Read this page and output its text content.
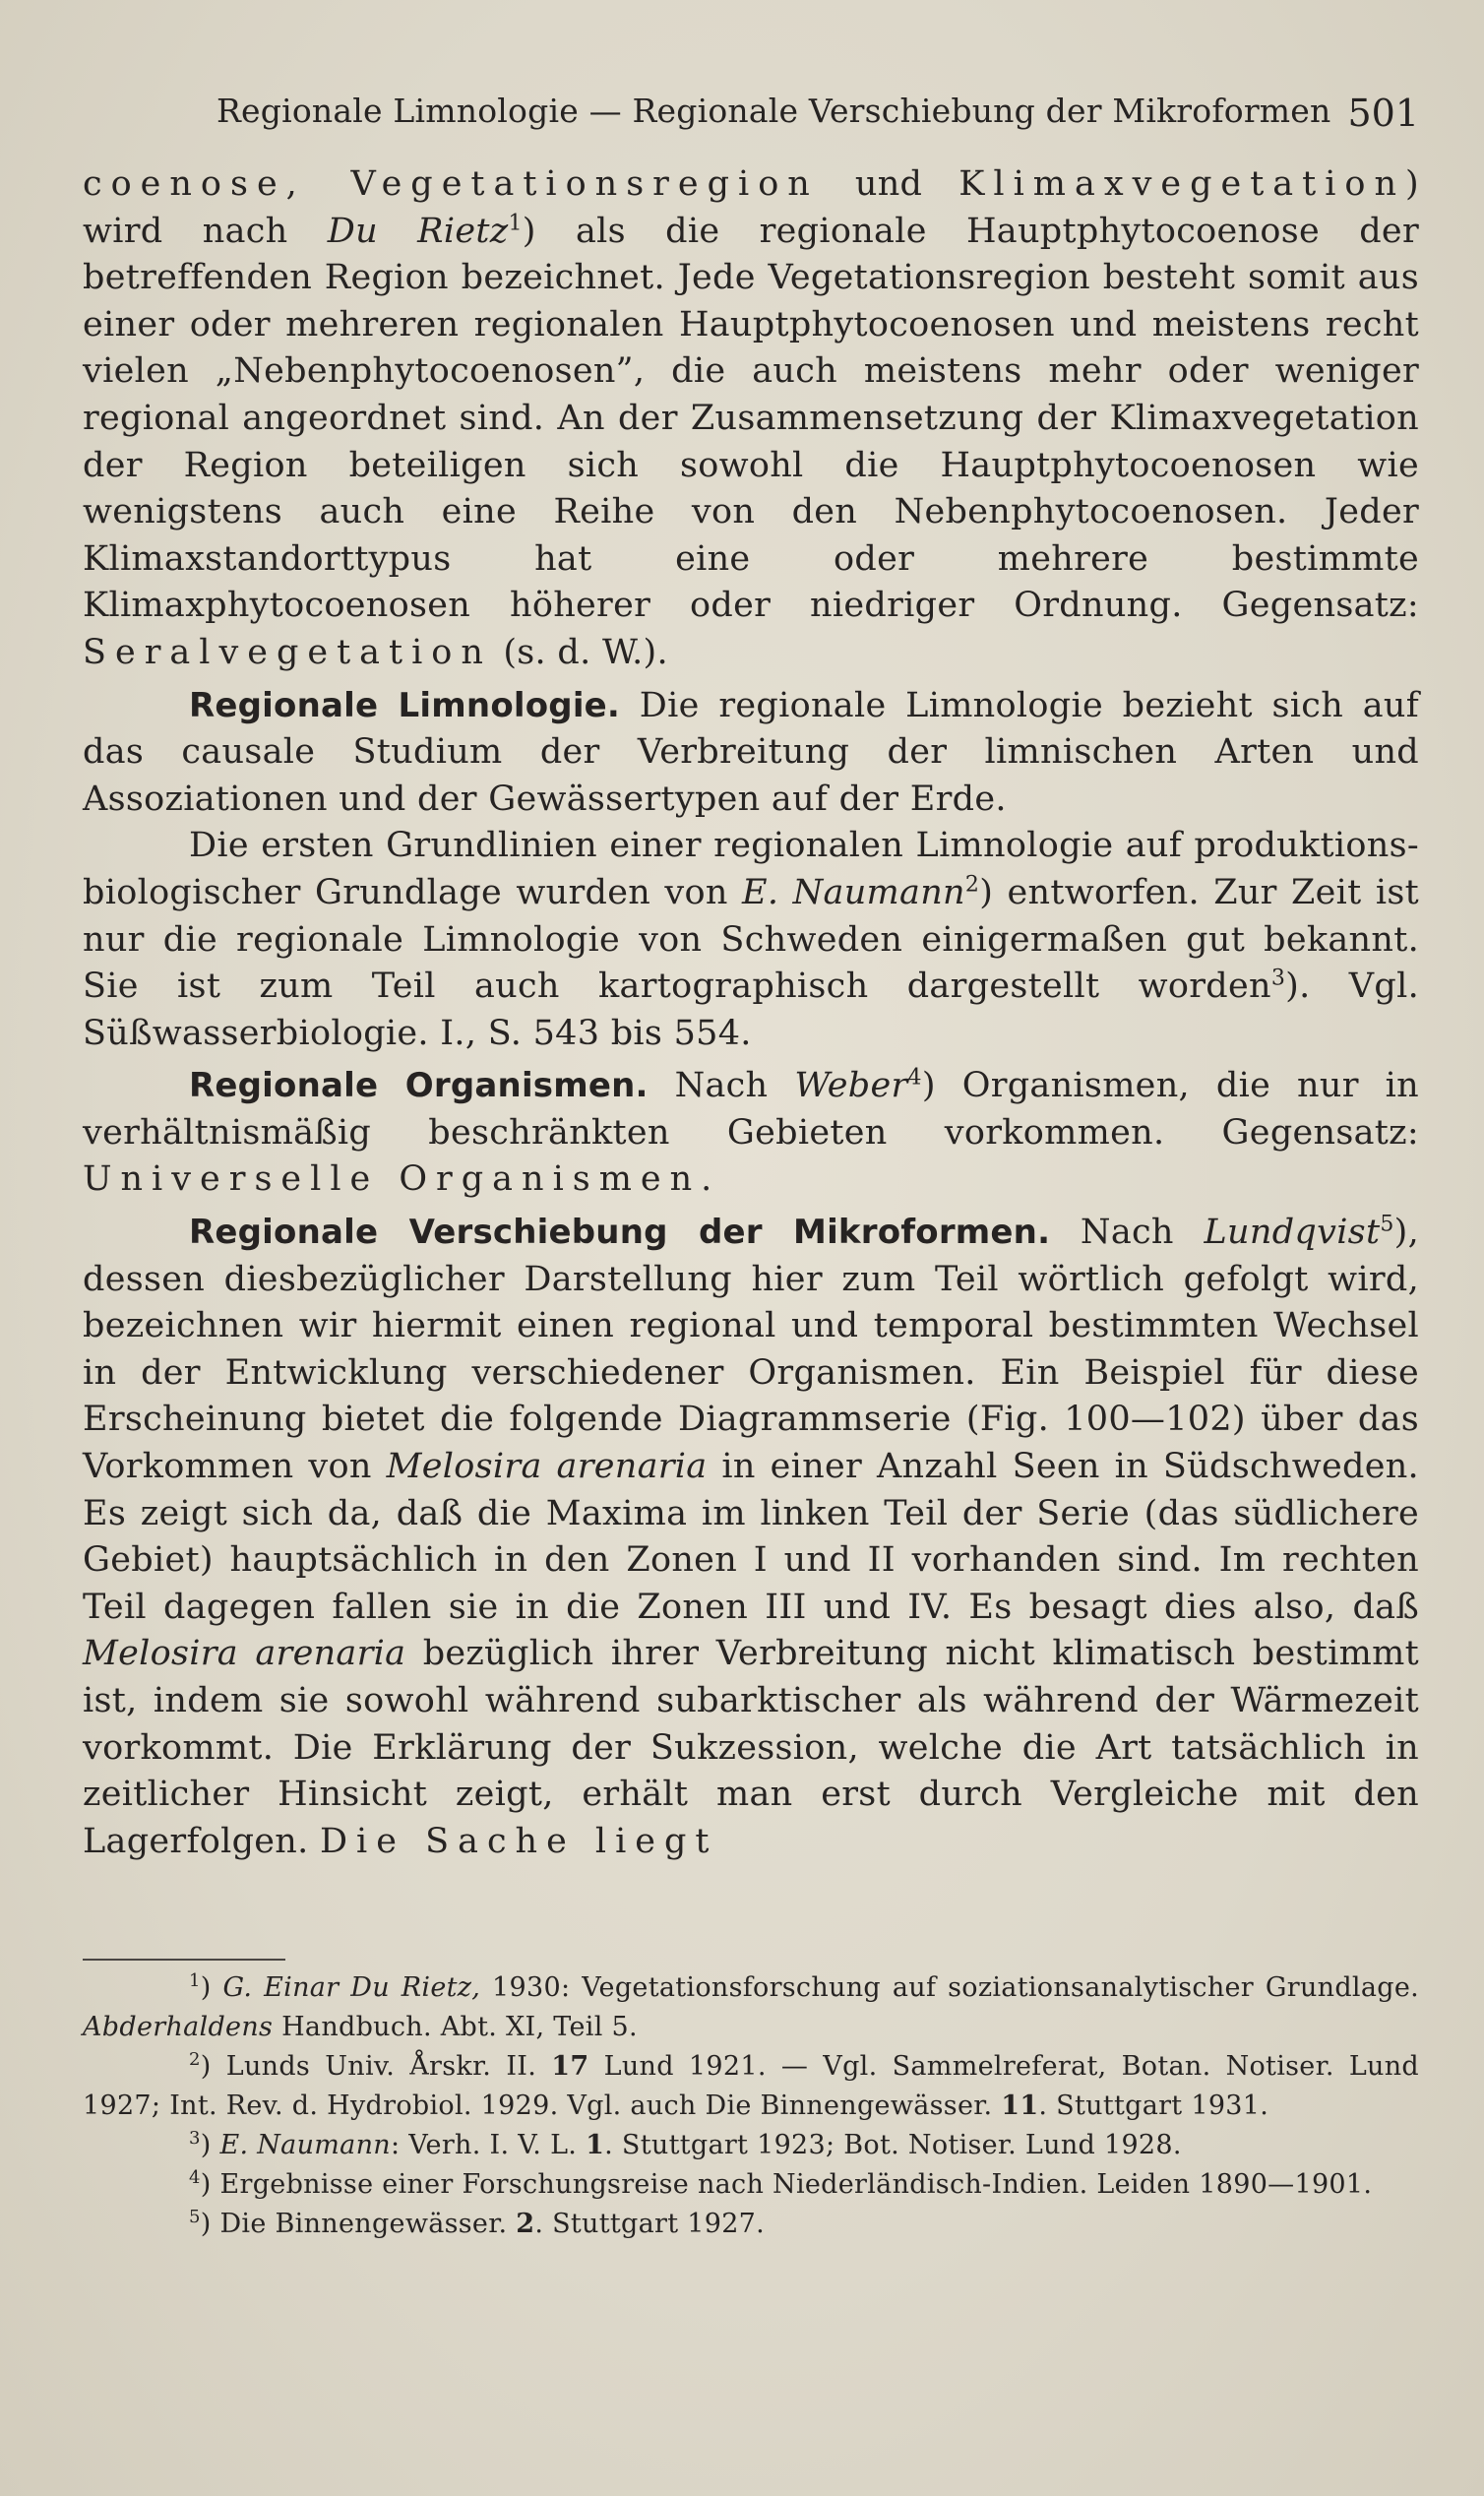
Regionale Limnologie — Regionale Verschiebung der Mikroformen 501

coenose, Vegetationsregion und Klimaxvegetation) wird nach Du Rietz$^1$) als die regionale Hauptphytocoenose der betreffenden Region bezeichnet. Jede Vegetationsregion besteht somit aus einer oder mehreren regionalen Hauptphytocoenosen und meistens recht vielen „Nebenphytocoenosen”, die auch meistens mehr oder weniger regional angeordnet sind. An der Zusammensetzung der Klimaxvegetation der Region beteiligen sich sowohl die Hauptphytocoenosen wie wenigstens auch eine Reihe von den Nebenphytocoenosen. Jeder Klimaxstandorttypus hat eine oder mehrere bestimmte Klimaxphytocoenosen höherer oder niedriger Ordnung. Gegensatz: Seralvegetation (s. d. W.).

Regionale Limnologie. Die regionale Limnologie bezieht sich auf das causale Studium der Verbreitung der limnischen Arten und Assoziationen und der Gewässertypen auf der Erde.

Die ersten Grundlinien einer regionalen Limnologie auf produktions-biologischer Grundlage wurden von E. Naumann$^2$) entworfen. Zur Zeit ist nur die regionale Limnologie von Schweden einigermaßen gut bekannt. Sie ist zum Teil auch kartographisch dargestellt worden$^3$). Vgl. Süßwasserbiologie. I., S. 543 bis 554.

Regionale Organismen. Nach Weber$^4$) Organismen, die nur in verhältnismäßig beschränkten Gebieten vorkommen. Gegensatz: Universelle Organismen.

Regionale Verschiebung der Mikroformen. Nach Lundqvist$^5$), dessen diesbezüglicher Darstellung hier zum Teil wörtlich gefolgt wird, bezeichnen wir hiermit einen regional und temporal bestimmten Wechsel in der Entwicklung verschiedener Organismen. Ein Beispiel für diese Erscheinung bietet die folgende Diagrammserie (Fig. 100—102) über das Vorkommen von Melosira arenaria in einer Anzahl Seen in Südschweden. Es zeigt sich da, daß die Maxima im linken Teil der Serie (das südlichere Gebiet) hauptsächlich in den Zonen I und II vorhanden sind. Im rechten Teil dagegen fallen sie in die Zonen III und IV. Es besagt dies also, daß Melosira arenaria bezüglich ihrer Verbreitung nicht klimatisch bestimmt ist, indem sie sowohl während subarktischer als während der Wärmezeit vorkommt. Die Erklärung der Sukzession, welche die Art tatsächlich in zeitlicher Hinsicht zeigt, erhält man erst durch Vergleiche mit den Lagerfolgen. Die Sache liegt

$^1$) G. Einar Du Rietz, 1930: Vegetationsforschung auf soziationsanalytischer Grundlage. Abderhaldens Handbuch. Abt. XI, Teil 5.

$^2$) Lunds Univ. Årskr. II. 17 Lund 1921. — Vgl. Sammelreferat, Botan. Notiser. Lund 1927; Int. Rev. d. Hydrobiol. 1929. Vgl. auch Die Binnengewässer. 11. Stuttgart 1931.

$^3$) E. Naumann: Verh. I. V. L. 1. Stuttgart 1923; Bot. Notiser. Lund 1928.

$^4$) Ergebnisse einer Forschungsreise nach Niederländisch-Indien. Leiden 1890—1901.

$^5$) Die Binnengewässer. 2. Stuttgart 1927.
